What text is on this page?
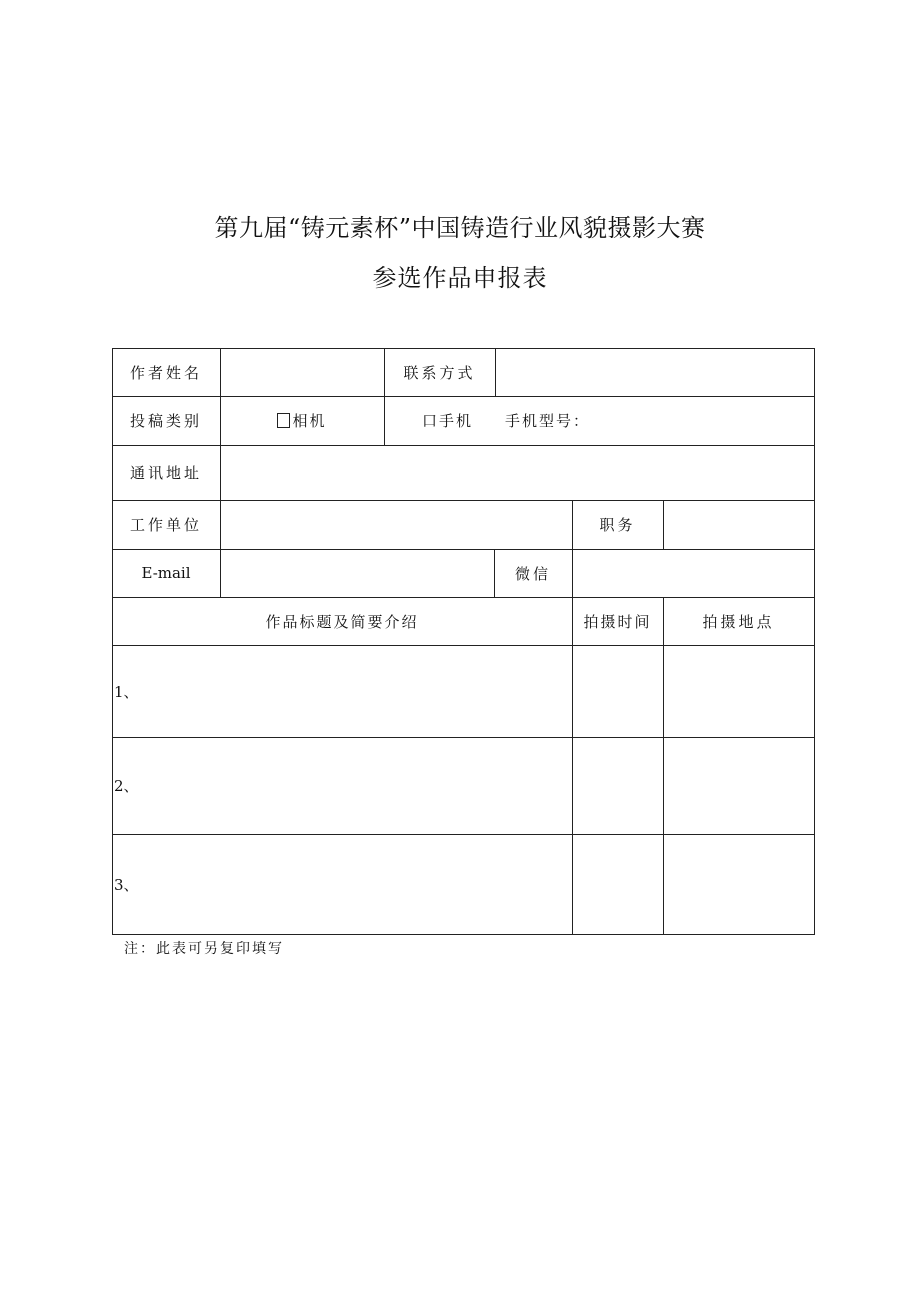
第九届“铸元素杯”中国铸造行业风貌摄影大赛
参选作品申报表
作者姓名	联系方式
投稿类别	相机	口 手机 手机型号：
通讯地址
工作单位	职务
E-mail	微信
作品标题及简要介绍	拍摄时间	拍摄地点
1、
2、
3、
注：此表可另复印填写
